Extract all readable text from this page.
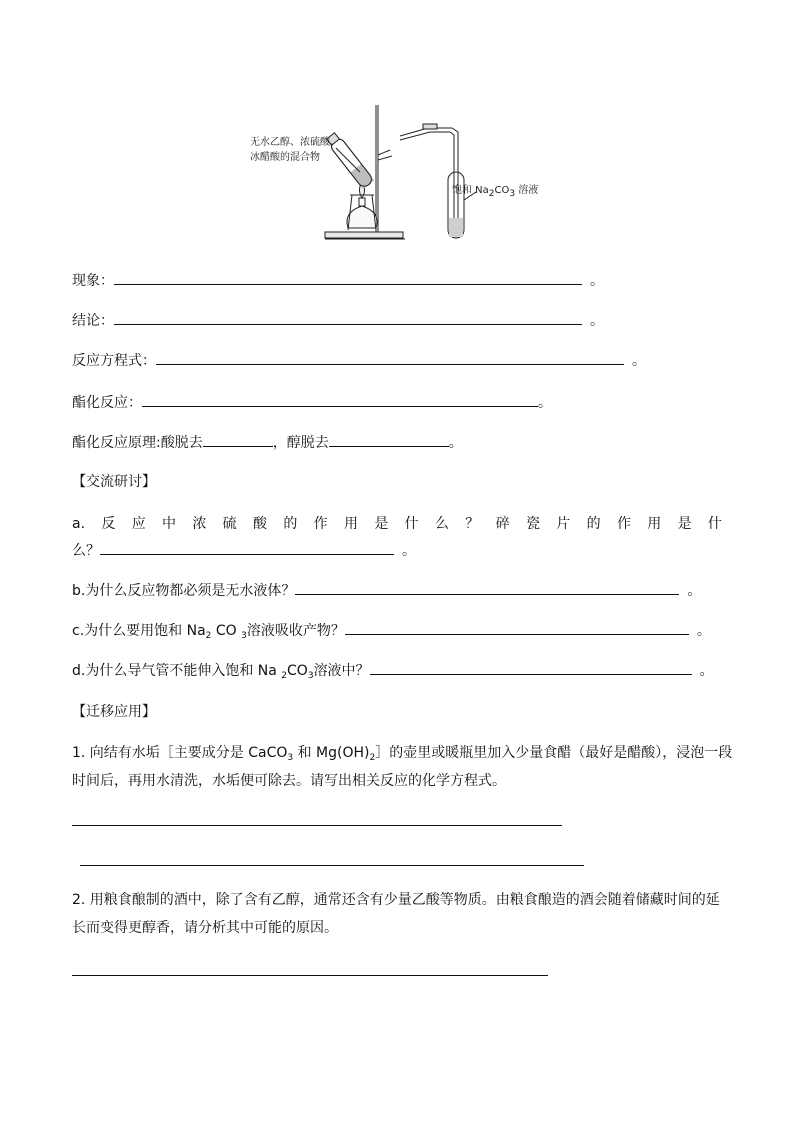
无水乙醇、浓硫酸、
冰醋酸的混合物
饱和 Na2CO3 溶液
现象：	。
结论：	。
反应方程式：	。
酯化反应：	。
酯化反应原理:酸脱去	，醇脱去	。
【交流研讨】
a. 反 应 中 浓 硫 酸 的 作 用 是 什 么 ？ 碎 瓷 片 的 作 用 是 什
么？	。
b.为什么反应物都必须是无水液体？	。
c.为什么要用饱和 $Na_2$ CO $_3$溶液吸收产物？	。
d.为什么导气管不能伸入饱和 Na $_2CO_3$溶液中？	。
【迁移应用】
1. 向结有水垢［主要成分是 CaCO$_3$ 和 $Mg(OH)_2]$的壶里或暖瓶里加入少量食醋（最好是醋酸），浸泡一段
时间后，再用水清洗，水垢便可除去。请写出相关反应的化学方程式。
2. 用粮食酿制的酒中，除了含有乙醇，通常还含有少量乙酸等物质。由粮食酿造的酒会随着储藏时间的延
长而变得更醇香，请分析其中可能的原因。
